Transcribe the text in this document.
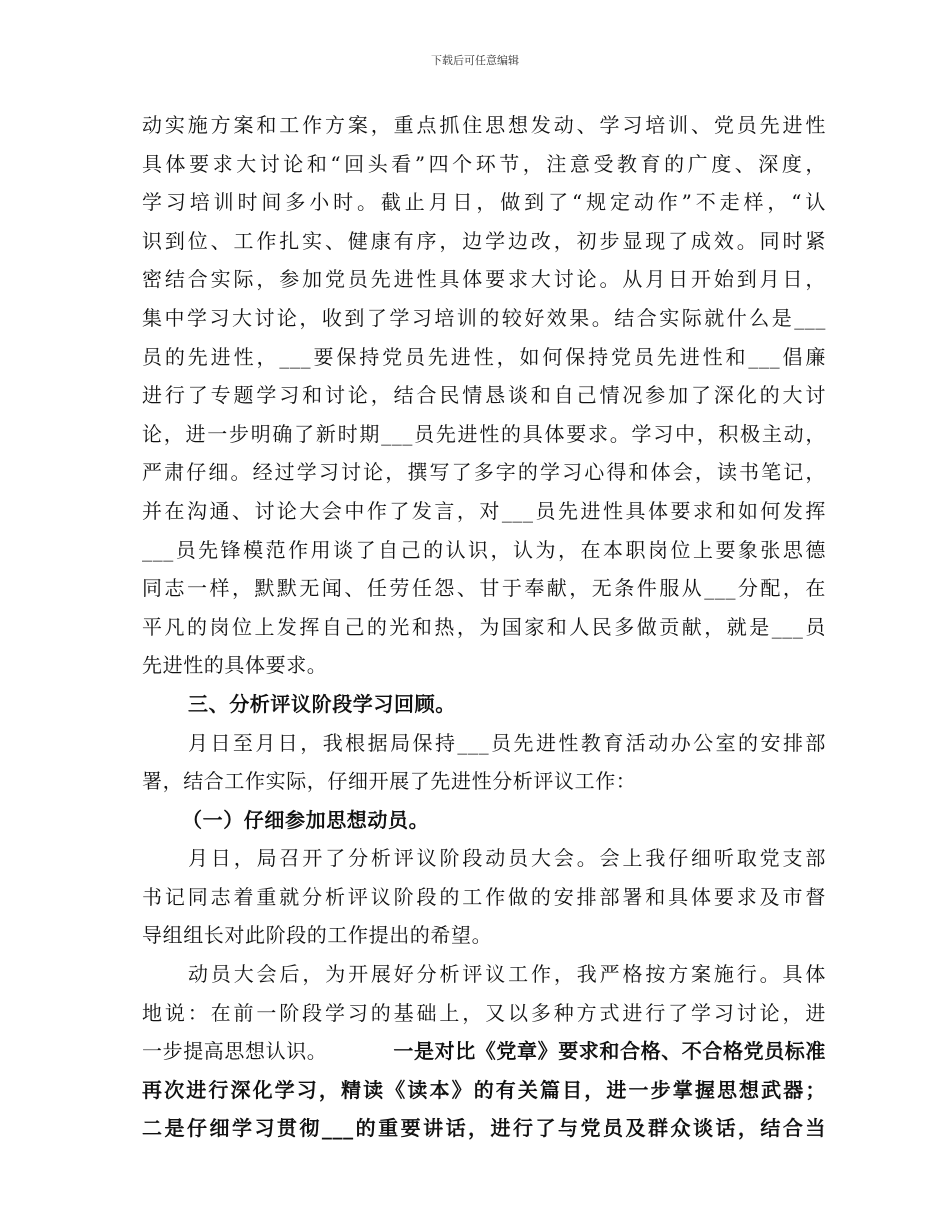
下载后可任意编辑
动实施方案和工作方案，重点抓住思想发动、学习培训、党员先进性
具体要求大讨论和“回头看”四个环节，注意受教育的广度、深度，
学习培训时间多小时。截止月日，做到了“规定动作”不走样，“认
识到位、工作扎实、健康有序，边学边改，初步显现了成效。同时紧
密结合实际，参加党员先进性具体要求大讨论。从月日开始到月日，
集中学习大讨论，收到了学习培训的较好效果。结合实际就什么是___
员的先进性，___要保持党员先进性，如何保持党员先进性和___倡廉
进行了专题学习和讨论，结合民情恳谈和自己情况参加了深化的大讨
论，进一步明确了新时期___员先进性的具体要求。学习中，积极主动，
严肃仔细。经过学习讨论，撰写了多字的学习心得和体会，读书笔记，
并在沟通、讨论大会中作了发言，对___员先进性具体要求和如何发挥
___员先锋模范作用谈了自己的认识，认为，在本职岗位上要象张思德
同志一样，默默无闻、任劳任怨、甘于奉献，无条件服从___分配，在
平凡的岗位上发挥自己的光和热，为国家和人民多做贡献，就是___员
先进性的具体要求。
三、分析评议阶段学习回顾。
月日至月日，我根据局保持___员先进性教育活动办公室的安排部
署，结合工作实际，仔细开展了先进性分析评议工作：
（一）仔细参加思想动员。
月日，局召开了分析评议阶段动员大会。会上我仔细听取党支部
书记同志着重就分析评议阶段的工作做的安排部署和具体要求及市督
导组组长对此阶段的工作提出的希望。
动员大会后，为开展好分析评议工作，我严格按方案施行。具体
地说：在前一阶段学习的基础上，又以多种方式进行了学习讨论，进
一步提高思想认识。	一是对比《党章》要求和合格、不合格党员标准
再次进行深化学习，精读《读本》的有关篇目，进一步掌握思想武器；
二是仔细学习贯彻___的重要讲话，进行了与党员及群众谈话，结合当
